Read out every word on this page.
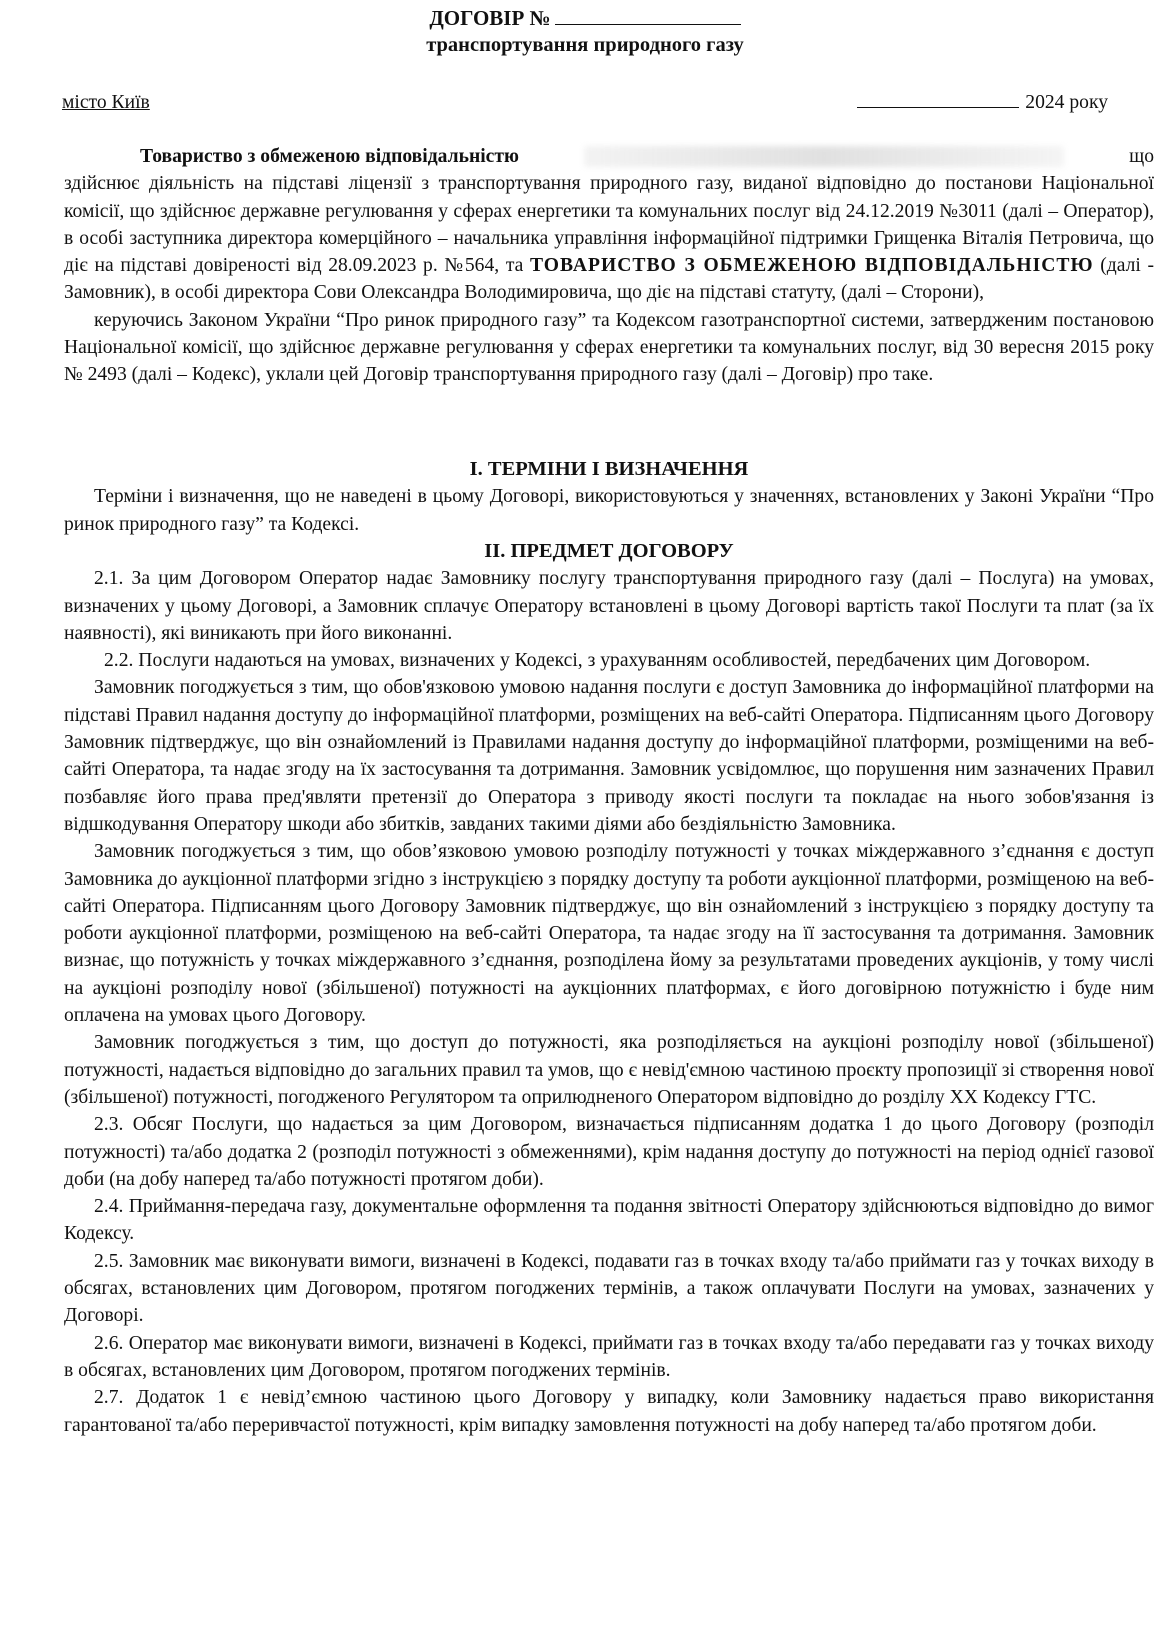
ДОГОВІР №
транспортування природного газу
місто Київ	2024 року
Товариство з обмеженою відповідальністю	що

здійснює діяльність на підставі ліцензії з транспортування природного газу, виданої відповідно до постанови Національної комісії, що здійснює державне регулювання у сферах енергетики та комунальних послуг від 24.12.2019 №3011 (далі – Оператор), в особі заступника директора комерційного – начальника управління інформаційної підтримки Грищенка Віталія Петровича, що діє на підставі довіреності від 28.09.2023 р. №564, та ТОВАРИСТВО З ОБМЕЖЕНОЮ ВІДПОВІДАЛЬНІСТЮ (далі - Замовник), в особі директора Сови Олександра Володимировича, що діє на підставі статуту, (далі – Сторони),

керуючись Законом України “Про ринок природного газу” та Кодексом газотранспортної системи, затвердженим постановою Національної комісії, що здійснює державне регулювання у сферах енергетики та комунальних послуг, від 30 вересня 2015 року № 2493 (далі – Кодекс), уклали цей Договір транспортування природного газу (далі – Договір) про таке.

І. ТЕРМІНИ І ВИЗНАЧЕННЯ

Терміни і визначення, що не наведені в цьому Договорі, використовуються у значеннях, встановлених у Законі України “Про ринок природного газу” та Кодексі.

ІІ. ПРЕДМЕТ ДОГОВОРУ

2.1. За цим Договором Оператор надає Замовнику послугу транспортування природного газу (далі – Послуга) на умовах, визначених у цьому Договорі, а Замовник сплачує Оператору встановлені в цьому Договорі вартість такої Послуги та плат (за їх наявності), які виникають при його виконанні.

2.2. Послуги надаються на умовах, визначених у Кодексі, з урахуванням особливостей, передбачених цим Договором.

Замовник погоджується з тим, що обов'язковою умовою надання послуги є доступ Замовника до інформаційної платформи на підставі Правил надання доступу до інформаційної платформи, розміщених на веб-сайті Оператора. Підписанням цього Договору Замовник підтверджує, що він ознайомлений із Правилами надання доступу до інформаційної платформи, розміщеними на веб-сайті Оператора, та надає згоду на їх застосування та дотримання. Замовник усвідомлює, що порушення ним зазначених Правил позбавляє його права пред'являти претензії до Оператора з приводу якості послуги та покладає на нього зобов'язання із відшкодування Оператору шкоди або збитків, завданих такими діями або бездіяльністю Замовника.

Замовник погоджується з тим, що обов’язковою умовою розподілу потужності у точках міждержавного з’єднання є доступ Замовника до аукціонної платформи згідно з інструкцією з порядку доступу та роботи аукціонної платформи, розміщеною на веб-сайті Оператора. Підписанням цього Договору Замовник підтверджує, що він ознайомлений з інструкцією з порядку доступу та роботи аукціонної платформи, розміщеною на веб-сайті Оператора, та надає згоду на її застосування та дотримання. Замовник визнає, що потужність у точках міждержавного з’єднання, розподілена йому за результатами проведених аукціонів, у тому числі на аукціоні розподілу нової (збільшеної) потужності на аукціонних платформах, є його договірною потужністю і буде ним оплачена на умовах цього Договору.

Замовник погоджується з тим, що доступ до потужності, яка розподіляється на аукціоні розподілу нової (збільшеної) потужності, надається відповідно до загальних правил та умов, що є невід'ємною частиною проєкту пропозиції зі створення нової (збільшеної) потужності, погодженого Регулятором та оприлюдненого Оператором відповідно до розділу ХХ Кодексу ГТС.

2.3. Обсяг Послуги, що надається за цим Договором, визначається підписанням додатка 1 до цього Договору (розподіл потужності) та/або додатка 2 (розподіл потужності з обмеженнями), крім надання доступу до потужності на період однієї газової доби (на добу наперед та/або потужності протягом доби).

2.4. Приймання-передача газу, документальне оформлення та подання звітності Оператору здійснюються відповідно до вимог Кодексу.

2.5. Замовник має виконувати вимоги, визначені в Кодексі, подавати газ в точках входу та/або приймати газ у точках виходу в обсягах, встановлених цим Договором, протягом погоджених термінів, а також оплачувати Послуги на умовах, зазначених у Договорі.

2.6. Оператор має виконувати вимоги, визначені в Кодексі, приймати газ в точках входу та/або передавати газ у точках виходу в обсягах, встановлених цим Договором, протягом погоджених термінів.

2.7. Додаток 1 є невід’ємною частиною цього Договору у випадку, коли Замовнику надається право використання гарантованої та/або переривчастої потужності, крім випадку замовлення потужності на добу наперед та/або протягом доби.
